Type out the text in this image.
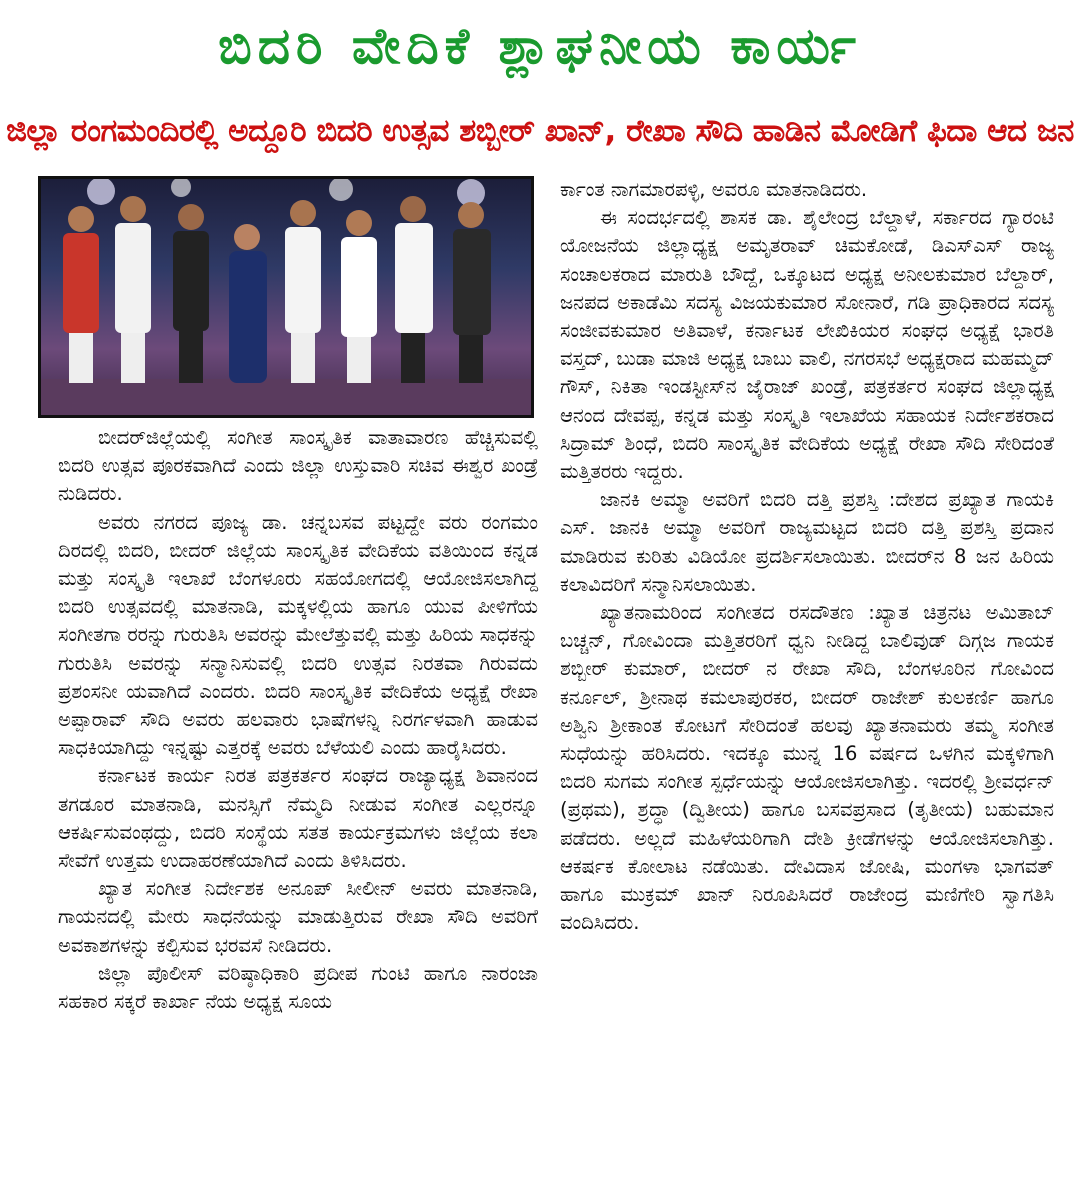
ಬಿದರಿ ವೇದಿಕೆ ಶ್ಲಾಘನೀಯ ಕಾರ್ಯ
ಜಿಲ್ಲಾ ರಂಗಮಂದಿರಲ್ಲಿ ಅದ್ದೂರಿ ಬಿದರಿ ಉತ್ಸವ ಶಬ್ಬೀರ್ ಖಾನ್, ರೇಖಾ ಸೌದಿ ಹಾಡಿನ ಮೋಡಿಗೆ ಫಿದಾ ಆದ ಜನ

ಬೀದರ್‌ಜಿಲ್ಲೆಯಲ್ಲಿ ಸಂಗೀತ ಸಾಂಸ್ಕೃತಿಕ ವಾತಾವಾರಣ ಹೆಚ್ಚಿಸುವಲ್ಲಿ ಬಿದರಿ ಉತ್ಸವ ಪೂರಕವಾಗಿದೆ ಎಂದು ಜಿಲ್ಲಾ ಉಸ್ತುವಾರಿ ಸಚಿವ ಈಶ್ವರ ಖಂಡ್ರೆ ನುಡಿದರು.

ಅವರು ನಗರದ ಪೂಜ್ಯ ಡಾ. ಚನ್ನಬಸವ ಪಟ್ಟದ್ದೇ ವರು ರಂಗಮಂ ದಿರದಲ್ಲಿ ಬಿದರಿ, ಬೀದರ್ ಜಿಲ್ಲೆಯ ಸಾಂಸ್ಕೃತಿಕ ವೇದಿಕೆಯ ವತಿಯಿಂದ ಕನ್ನಡ ಮತ್ತು ಸಂಸ್ಕೃತಿ ಇಲಾಖೆ ಬೆಂಗಳೂರು ಸಹಯೋಗದಲ್ಲಿ ಆಯೋಜಿಸಲಾಗಿದ್ದ ಬಿದರಿ ಉತ್ಸವದಲ್ಲಿ ಮಾತನಾಡಿ, ಮಕ್ಕಳಲ್ಲಿಯ ಹಾಗೂ ಯುವ ಪೀಳಿಗೆಯ ಸಂಗೀತಗಾ ರರನ್ನು ಗುರುತಿಸಿ ಅವರನ್ನು ಮೇಲೆತ್ತುವಲ್ಲಿ ಮತ್ತು ಹಿರಿಯ ಸಾಧಕನ್ನು ಗುರುತಿಸಿ ಅವರನ್ನು ಸನ್ಮಾನಿಸುವಲ್ಲಿ ಬಿದರಿ ಉತ್ಸವ ನಿರತವಾ ಗಿರುವದು ಪ್ರಶಂಸನೀ ಯವಾಗಿದೆ ಎಂದರು. ಬಿದರಿ ಸಾಂಸ್ಕೃತಿಕ ವೇದಿಕೆಯ ಅಧ್ಯಕ್ಷೆ ರೇಖಾ ಅಪ್ಪಾರಾವ್ ಸೌದಿ ಅವರು ಹಲವಾರು ಭಾಷೆಗಳನ್ನಿ ನಿರರ್ಗಳವಾಗಿ ಹಾಡುವ ಸಾಧಕಿಯಾಗಿದ್ದು ಇನ್ನಷ್ಟು ಎತ್ತರಕ್ಕೆ ಅವರು ಬೆಳೆಯಲಿ ಎಂದು ಹಾರೈಸಿದರು.

ಕರ್ನಾಟಕ ಕಾರ್ಯ ನಿರತ ಪತ್ರಕರ್ತರ ಸಂಘದ ರಾಜ್ಯಾಧ್ಯಕ್ಷ ಶಿವಾನಂದ ತಗಡೂರ ಮಾತನಾಡಿ, ಮನಸ್ಸಿಗೆ ನೆಮ್ಮದಿ ನೀಡುವ ಸಂಗೀತ ಎಲ್ಲರನ್ನೂ ಆಕರ್ಷಿಸುವಂಥದ್ದು, ಬಿದರಿ ಸಂಸ್ಥೆಯ ಸತತ ಕಾರ್ಯಕ್ರಮಗಳು ಜಿಲ್ಲೆಯ ಕಲಾ ಸೇವೆಗೆ ಉತ್ತಮ ಉದಾಹರಣೆಯಾಗಿದೆ ಎಂದು ತಿಳಿಸಿದರು.

ಖ್ಯಾತ ಸಂಗೀತ ನಿರ್ದೇಶಕ ಅನೂಪ್ ಸೀಲೀನ್ ಅವರು ಮಾತನಾಡಿ, ಗಾಯನದಲ್ಲಿ ಮೇರು ಸಾಧನೆಯನ್ನು ಮಾಡುತ್ತಿರುವ ರೇಖಾ ಸೌದಿ ಅವರಿಗೆ ಅವಕಾಶಗಳನ್ನು ಕಲ್ಪಿಸುವ ಭರವಸೆ ನೀಡಿದರು.

ಜಿಲ್ಲಾ ಪೊಲೀಸ್ ವರಿಷ್ಠಾಧಿಕಾರಿ ಪ್ರದೀಪ ಗುಂಟಿ ಹಾಗೂ ನಾರಂಜಾ ಸಹಕಾರ ಸಕ್ಕರೆ ಕಾರ್ಖಾ ನೆಯ ಅಧ್ಯಕ್ಷ ಸೂಯ

ರ್ಕಾಂತ ನಾಗಮಾರಪಳ್ಳಿ, ಅವರೂ ಮಾತನಾಡಿದರು.

ಈ ಸಂದರ್ಭದಲ್ಲಿ ಶಾಸಕ ಡಾ. ಶೈಲೇಂದ್ರ ಬೆಲ್ದಾಳೆ, ಸರ್ಕಾರದ ಗ್ಯಾರಂಟಿ ಯೋಜನೆಯ ಜಿಲ್ಲಾಧ್ಯಕ್ಷ ಅಮೃತರಾವ್ ಚಿಮಕೋಡೆ, ಡಿಎಸ್‌ಎಸ್ ರಾಜ್ಯ ಸಂಚಾಲಕರಾದ ಮಾರುತಿ ಬೌದ್ದೆ, ಒಕ್ಕೂಟದ ಅಧ್ಯಕ್ಷ ಅನೀಲಕುಮಾರ ಬೆಲ್ದಾರ್, ಜನಪದ ಅಕಾಡೆಮಿ ಸದಸ್ಯ ವಿಜಯಕುಮಾರ ಸೋನಾರೆ, ಗಡಿ ಪ್ರಾಧಿಕಾರದ ಸದಸ್ಯ ಸಂಜೀವಕುಮಾರ ಅತಿವಾಳೆ, ಕರ್ನಾಟಕ ಲೇಖಿಕಿಯರ ಸಂಘಧ ಅಧ್ಯಕ್ಷೆ ಭಾರತಿ ವಸ್ತದ್, ಬುಡಾ ಮಾಜಿ ಅಧ್ಯಕ್ಷ ಬಾಬು ವಾಲಿ, ನಗರಸಭೆ ಅಧ್ಯಕ್ಷರಾದ ಮಹಮ್ಮದ್ ಗೌಸ್, ನಿಕಿತಾ ಇಂಡಸ್ಟೀಸ್‌ನ ಜೈರಾಜ್ ಖಂಡ್ರೆ, ಪತ್ರಕರ್ತರ ಸಂಘದ ಜಿಲ್ಲಾಧ್ಯಕ್ಷ ಆನಂದ ದೇವಪ್ಪ, ಕನ್ನಡ ಮತ್ತು ಸಂಸ್ಕೃತಿ ಇಲಾಖೆಯ ಸಹಾಯಕ ನಿರ್ದೇಶಕರಾದ ಸಿದ್ರಾಮ್ ಶಿಂಧೆ, ಬಿದರಿ ಸಾಂಸ್ಕೃತಿಕ ವೇದಿಕೆಯ ಅಧ್ಯಕ್ಷೆ ರೇಖಾ ಸೌದಿ ಸೇರಿದಂತೆ ಮತ್ತಿತರರು ಇದ್ದರು.

ಜಾನಕಿ ಅಮ್ಮಾ ಅವರಿಗೆ ಬಿದರಿ ದತ್ತಿ ಪ್ರಶಸ್ತಿ :ದೇಶದ ಪ್ರಖ್ಯಾತ ಗಾಯಕಿ ಎಸ್. ಜಾನಕಿ ಅಮ್ಮಾ ಅವರಿಗೆ ರಾಜ್ಯಮಟ್ಟದ ಬಿದರಿ ದತ್ತಿ ಪ್ರಶಸ್ತಿ ಪ್ರದಾನ ಮಾಡಿರುವ ಕುರಿತು ವಿಡಿಯೋ ಪ್ರದರ್ಶಿಸಲಾಯಿತು. ಬೀದರ್‌ನ 8 ಜನ ಹಿರಿಯ ಕಲಾವಿದರಿಗೆ ಸನ್ಮಾನಿಸಲಾಯಿತು.

ಖ್ಯಾತನಾಮರಿಂದ ಸಂಗೀತದ ರಸದೌತಣ :ಖ್ಯಾತ ಚಿತ್ರನಟ ಅಮಿತಾಬ್ ಬಚ್ಚನ್, ಗೋವಿಂದಾ ಮತ್ತಿತರರಿಗೆ ಧ್ವನಿ ನೀಡಿದ್ದ ಬಾಲಿವುಡ್ ದಿಗ್ಗಜ ಗಾಯಕ ಶಬ್ಬೀರ್ ಕುಮಾರ್, ಬೀದರ್ ನ ರೇಖಾ ಸೌದಿ, ಬೆಂಗಳೂರಿನ ಗೋವಿಂದ ಕರ್ನೂಲ್, ಶ್ರೀನಾಥ ಕಮಲಾಪುರಕರ, ಬೀದರ್ ರಾಜೇಶ್ ಕುಲಕರ್ಣಿ ಹಾಗೂ ಅಶ್ವಿನಿ ಶ್ರೀಕಾಂತ ಕೋಟಗೆ ಸೇರಿದಂತೆ ಹಲವು ಖ್ಯಾತನಾಮರು ತಮ್ಮ ಸಂಗೀತ ಸುಧೆಯನ್ನು ಹರಿಸಿದರು. ಇದಕ್ಕೂ ಮುನ್ನ 16 ವರ್ಷದ ಒಳಗಿನ ಮಕ್ಕಳಿಗಾಗಿ ಬಿದರಿ ಸುಗಮ ಸಂಗೀತ ಸ್ಪರ್ಧೆಯನ್ನು ಆಯೋಜಿಸಲಾಗಿತ್ತು. ಇದರಲ್ಲಿ ಶ್ರೀವರ್ಧನ್ (ಪ್ರಥಮ), ಶ್ರದ್ಧಾ (ದ್ವಿತೀಯ) ಹಾಗೂ ಬಸವಪ್ರಸಾದ (ತೃತೀಯ) ಬಹುಮಾನ ಪಡೆದರು. ಅಲ್ಲದೆ ಮಹಿಳೆಯರಿಗಾಗಿ ದೇಶಿ ಕ್ರೀಡೆಗಳನ್ನು ಆಯೋಜಿಸಲಾಗಿತ್ತು. ಆಕರ್ಷಕ ಕೋಲಾಟ ನಡೆಯಿತು. ದೇವಿದಾಸ ಜೋಷಿ, ಮಂಗಳಾ ಭಾಗವತ್ ಹಾಗೂ ಮುಕ್ರಮ್ ಖಾನ್ ನಿರೂಪಿಸಿದರೆ ರಾಜೇಂದ್ರ ಮಣಿಗೇರಿ ಸ್ವಾಗತಿಸಿ ವಂದಿಸಿದರು.
